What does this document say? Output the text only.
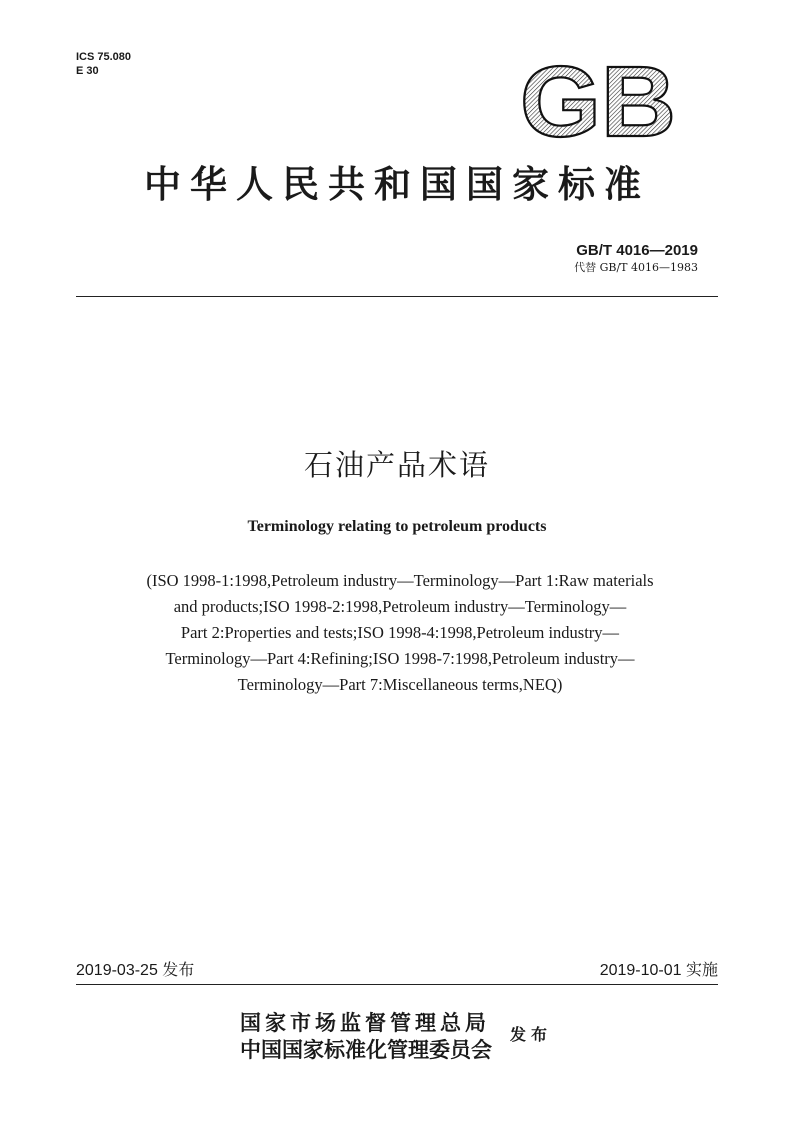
ICS 75.080
E 30	GB
中华人民共和国国家标准
GB/T 4016—2019
代替 GB/T 4016—1983
石油产品术语
Terminology relating to petroleum products
(ISO 1998-1:1998,Petroleum industry—Terminology—Part 1:Raw materials
and products;ISO 1998-2:1998,Petroleum industry—Terminology—
Part 2:Properties and tests;ISO 1998-4:1998,Petroleum industry—
Terminology—Part 4:Refining;ISO 1998-7:1998,Petroleum industry—
Terminology—Part 7:Miscellaneous terms,NEQ)
2019-03-25 发布	2019-10-01 实施
国家市场监督管理总局
中国国家标准化管理委员会
发布
